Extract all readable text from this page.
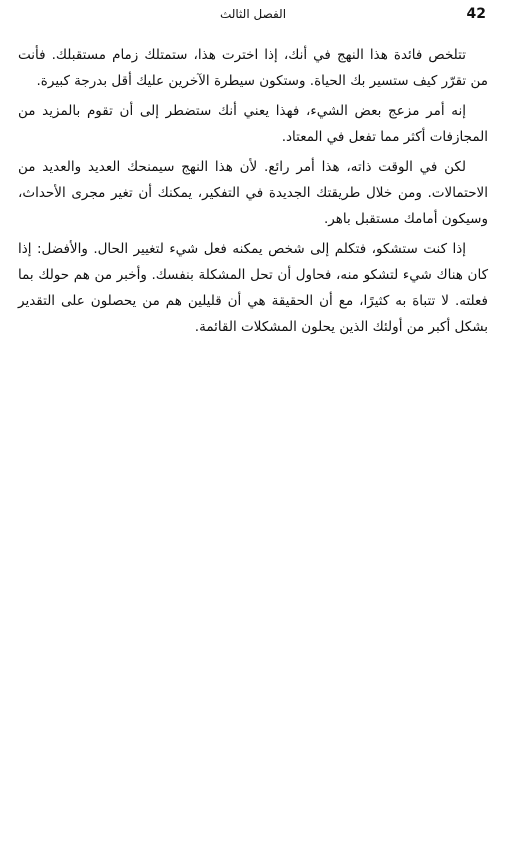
42
الفصل الثالث

تتلخص فائدة هذا النهج في أنك، إذا اخترت هذا، ستمتلك زمام مستقبلك. فأنت من تقرّر كيف ستسير بك الحياة. وستكون سيطرة الآخرين عليك أقل بدرجة كبيرة.

إنه أمر مزعج بعض الشيء، فهذا يعني أنك ستضطر إلى أن تقوم بالمزيد من المجازفات أكثر مما تفعل في المعتاد.

لكن في الوقت ذاته، هذا أمر رائع. لأن هذا النهج سيمنحك العديد والعديد من الاحتمالات. ومن خلال طريقتك الجديدة في التفكير، يمكنك أن تغير مجرى الأحداث، وسيكون أمامك مستقبل باهر.

إذا كنت ستشكو، فتكلم إلى شخص يمكنه فعل شيء لتغيير الحال. والأفضل: إذا كان هناك شيء لتشكو منه، فحاول أن تحل المشكلة بنفسك. وأخبر من هم حولك بما فعلته. لا تتباهَ به كثيرًا، مع أن الحقيقة هي أن قليلين هم من يحصلون على التقدير بشكل أكبر من أولئك الذين يحلون المشكلات القائمة.
